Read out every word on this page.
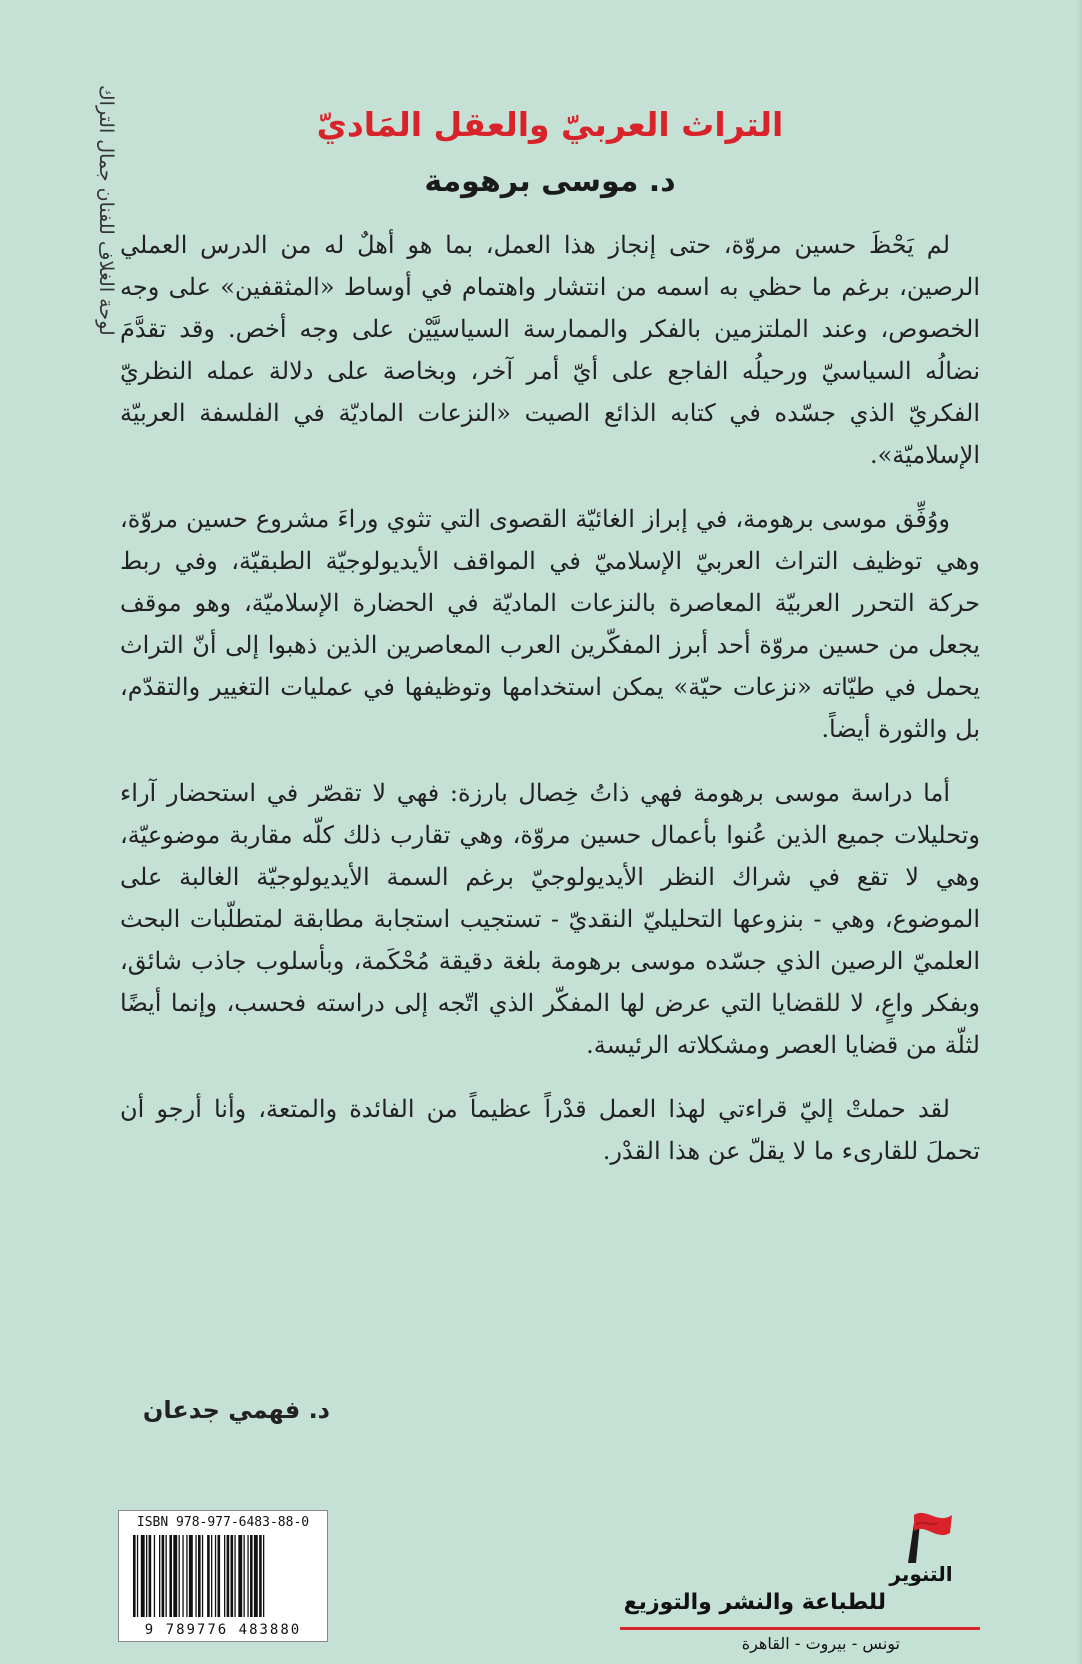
لوحة الغلاف للفنان جمال التراك	التراث العربيّ والعقل المَاديّ
د. موسى برهومة

لم يَحْظَ حسين مروّة، حتى إنجاز هذا العمل، بما هو أهلٌ له من الدرس العملي الرصين، برغم ما حظي به اسمه من انتشار واهتمام في أوساط «المثقفين» على وجه الخصوص، وعند الملتزمين بالفكر والممارسة السياسيَّيْن على وجه أخص. وقد تقدَّمَ نضالُه السياسيّ ورحيلُه الفاجع على أيّ أمر آخر، وبخاصة على دلالة عمله النظريّ الفكريّ الذي جسّده في كتابه الذائع الصيت «النزعات الماديّة في الفلسفة العربيّة الإسلاميّة».

ووُفِّق موسى برهومة، في إبراز الغائيّة القصوى التي تثوي وراءَ مشروع حسين مروّة، وهي توظيف التراث العربيّ الإسلاميّ في المواقف الأيديولوجيّة الطبقيّة، وفي ربط حركة التحرر العربيّة المعاصرة بالنزعات الماديّة في الحضارة الإسلاميّة، وهو موقف يجعل من حسين مروّة أحد أبرز المفكّرين العرب المعاصرين الذين ذهبوا إلى أنّ التراث يحمل في طيّاته «نزعات حيّة» يمكن استخدامها وتوظيفها في عمليات التغيير والتقدّم، بل والثورة أيضاً.

أما دراسة موسى برهومة فهي ذاتُ خِصال بارزة: فهي لا تقصّر في استحضار آراء وتحليلات جميع الذين عُنوا بأعمال حسين مروّة، وهي تقارب ذلك كلّه مقاربة موضوعيّة، وهي لا تقع في شراك النظر الأيديولوجيّ برغم السمة الأيديولوجيّة الغالبة على الموضوع، وهي - بنزوعها التحليليّ النقديّ - تستجيب استجابة مطابقة لمتطلّبات البحث العلميّ الرصين الذي جسّده موسى برهومة بلغة دقيقة مُحْكَمة، وبأسلوب جاذب شائق، وبفكر واعٍ، لا للقضايا التي عرض لها المفكّر الذي اتّجه إلى دراسته فحسب، وإنما أيضًا لثلّة من قضايا العصر ومشكلاته الرئيسة.

لقد حملتْ إليّ قراءتي لهذا العمل قدْراً عظيماً من الفائدة والمتعة، وأنا أرجو أن تحملَ للقارىء ما لا يقلّ عن هذا القدْر.

د. فهمي جدعان
ISBN 978-977-6483-88-0
9 789776 483880
التنوير
للطباعة والنشر والتوزيع
تونس - بيروت - القاهرة
